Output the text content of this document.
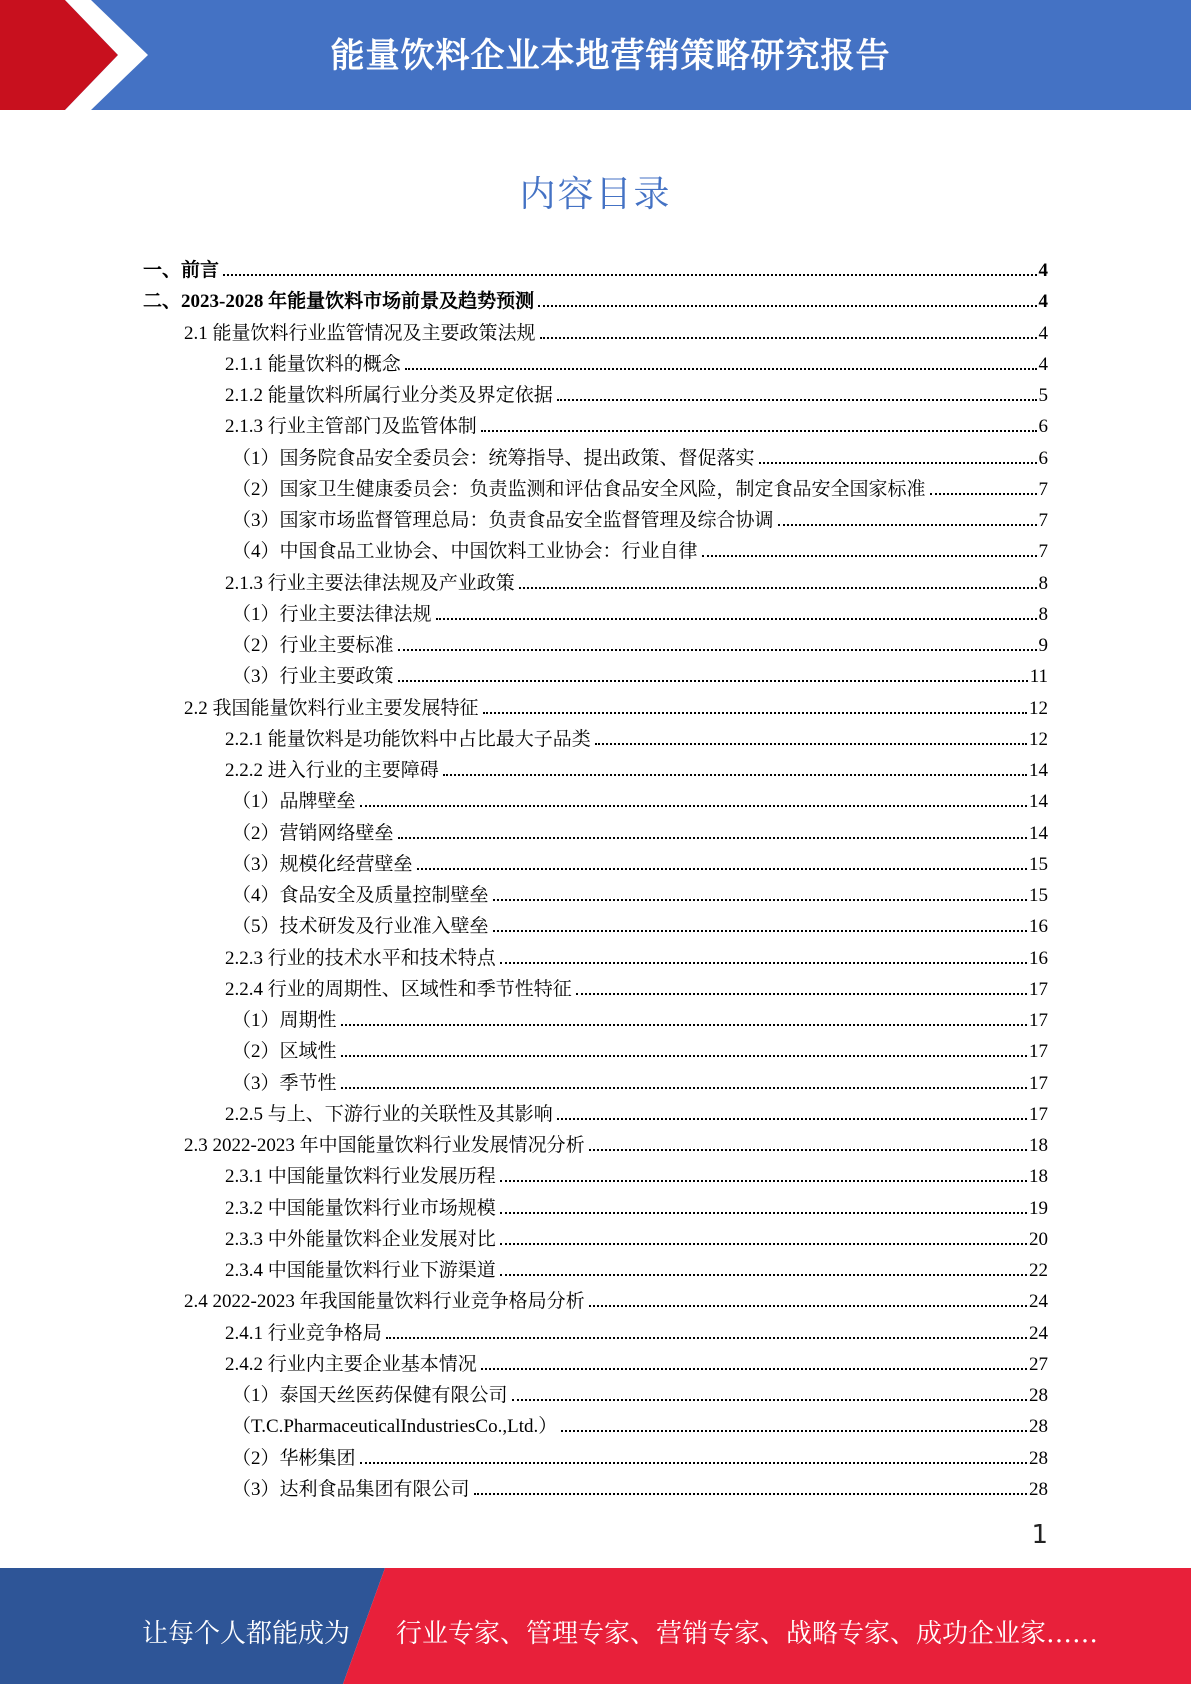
能量饮料企业本地营销策略研究报告
内容目录
一、前言	4
二、2023-2028 年能量饮料市场前景及趋势预测	4
2.1 能量饮料行业监管情况及主要政策法规	4
2.1.1 能量饮料的概念	4
2.1.2 能量饮料所属行业分类及界定依据	5
2.1.3 行业主管部门及监管体制	6
（1）国务院食品安全委员会：统筹指导、提出政策、督促落实	6
（2）国家卫生健康委员会：负责监测和评估食品安全风险，制定食品安全国家标准	7
（3）国家市场监督管理总局：负责食品安全监督管理及综合协调	7
（4）中国食品工业协会、中国饮料工业协会：行业自律	7
2.1.3 行业主要法律法规及产业政策	8
（1）行业主要法律法规	8
（2）行业主要标准	9
（3）行业主要政策	11
2.2 我国能量饮料行业主要发展特征	12
2.2.1 能量饮料是功能饮料中占比最大子品类	12
2.2.2 进入行业的主要障碍	14
（1）品牌壁垒	14
（2）营销网络壁垒	14
（3）规模化经营壁垒	15
（4）食品安全及质量控制壁垒	15
（5）技术研发及行业准入壁垒	16
2.2.3 行业的技术水平和技术特点	16
2.2.4 行业的周期性、区域性和季节性特征	17
（1）周期性	17
（2）区域性	17
（3）季节性	17
2.2.5 与上、下游行业的关联性及其影响	17
2.3 2022-2023 年中国能量饮料行业发展情况分析	18
2.3.1 中国能量饮料行业发展历程	18
2.3.2 中国能量饮料行业市场规模	19
2.3.3 中外能量饮料企业发展对比	20
2.3.4 中国能量饮料行业下游渠道	22
2.4 2022-2023 年我国能量饮料行业竞争格局分析	24
2.4.1 行业竞争格局	24
2.4.2 行业内主要企业基本情况	27
（1）泰国天丝医药保健有限公司	28
（T.C.PharmaceuticalIndustriesCo.,Ltd.）	28
（2）华彬集团	28
（3）达利食品集团有限公司	28
1
让每个人都能成为 行业专家、管理专家、营销专家、战略专家、成功企业家……
